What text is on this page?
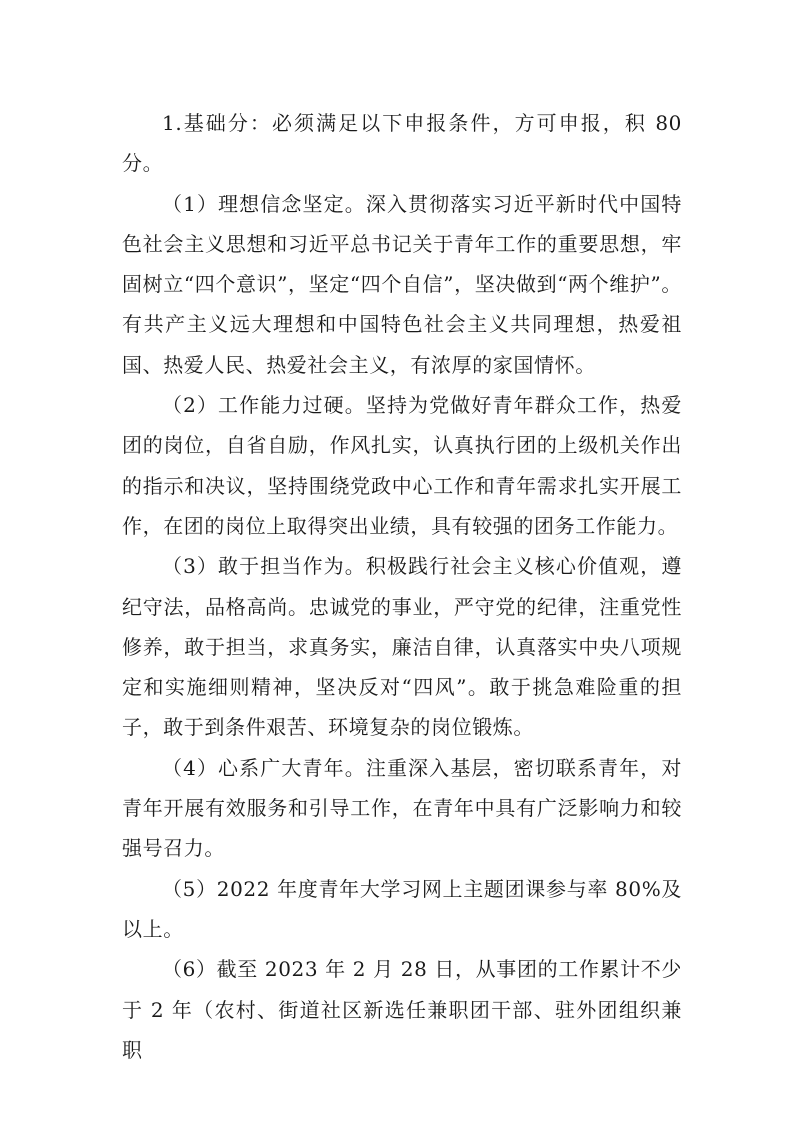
1.基础分：必须满足以下申报条件，方可申报，积 80 分。

（1）理想信念坚定。深入贯彻落实习近平新时代中国特色社会主义思想和习近平总书记关于青年工作的重要思想，牢固树立“四个意识”，坚定“四个自信”，坚决做到“两个维护”。有共产主义远大理想和中国特色社会主义共同理想，热爱祖国、热爱人民、热爱社会主义，有浓厚的家国情怀。

（2）工作能力过硬。坚持为党做好青年群众工作，热爱团的岗位，自省自励，作风扎实，认真执行团的上级机关作出的指示和决议，坚持围绕党政中心工作和青年需求扎实开展工作，在团的岗位上取得突出业绩，具有较强的团务工作能力。

（3）敢于担当作为。积极践行社会主义核心价值观，遵纪守法，品格高尚。忠诚党的事业，严守党的纪律，注重党性修养，敢于担当，求真务实，廉洁自律，认真落实中央八项规定和实施细则精神，坚决反对“四风”。敢于挑急难险重的担子，敢于到条件艰苦、环境复杂的岗位锻炼。

（4）心系广大青年。注重深入基层，密切联系青年，对青年开展有效服务和引导工作，在青年中具有广泛影响力和较强号召力。

（5）2022 年度青年大学习网上主题团课参与率 80%及以上。

（6）截至 2023 年 2 月 28 日，从事团的工作累计不少于 2 年（农村、街道社区新选任兼职团干部、驻外团组织兼职
